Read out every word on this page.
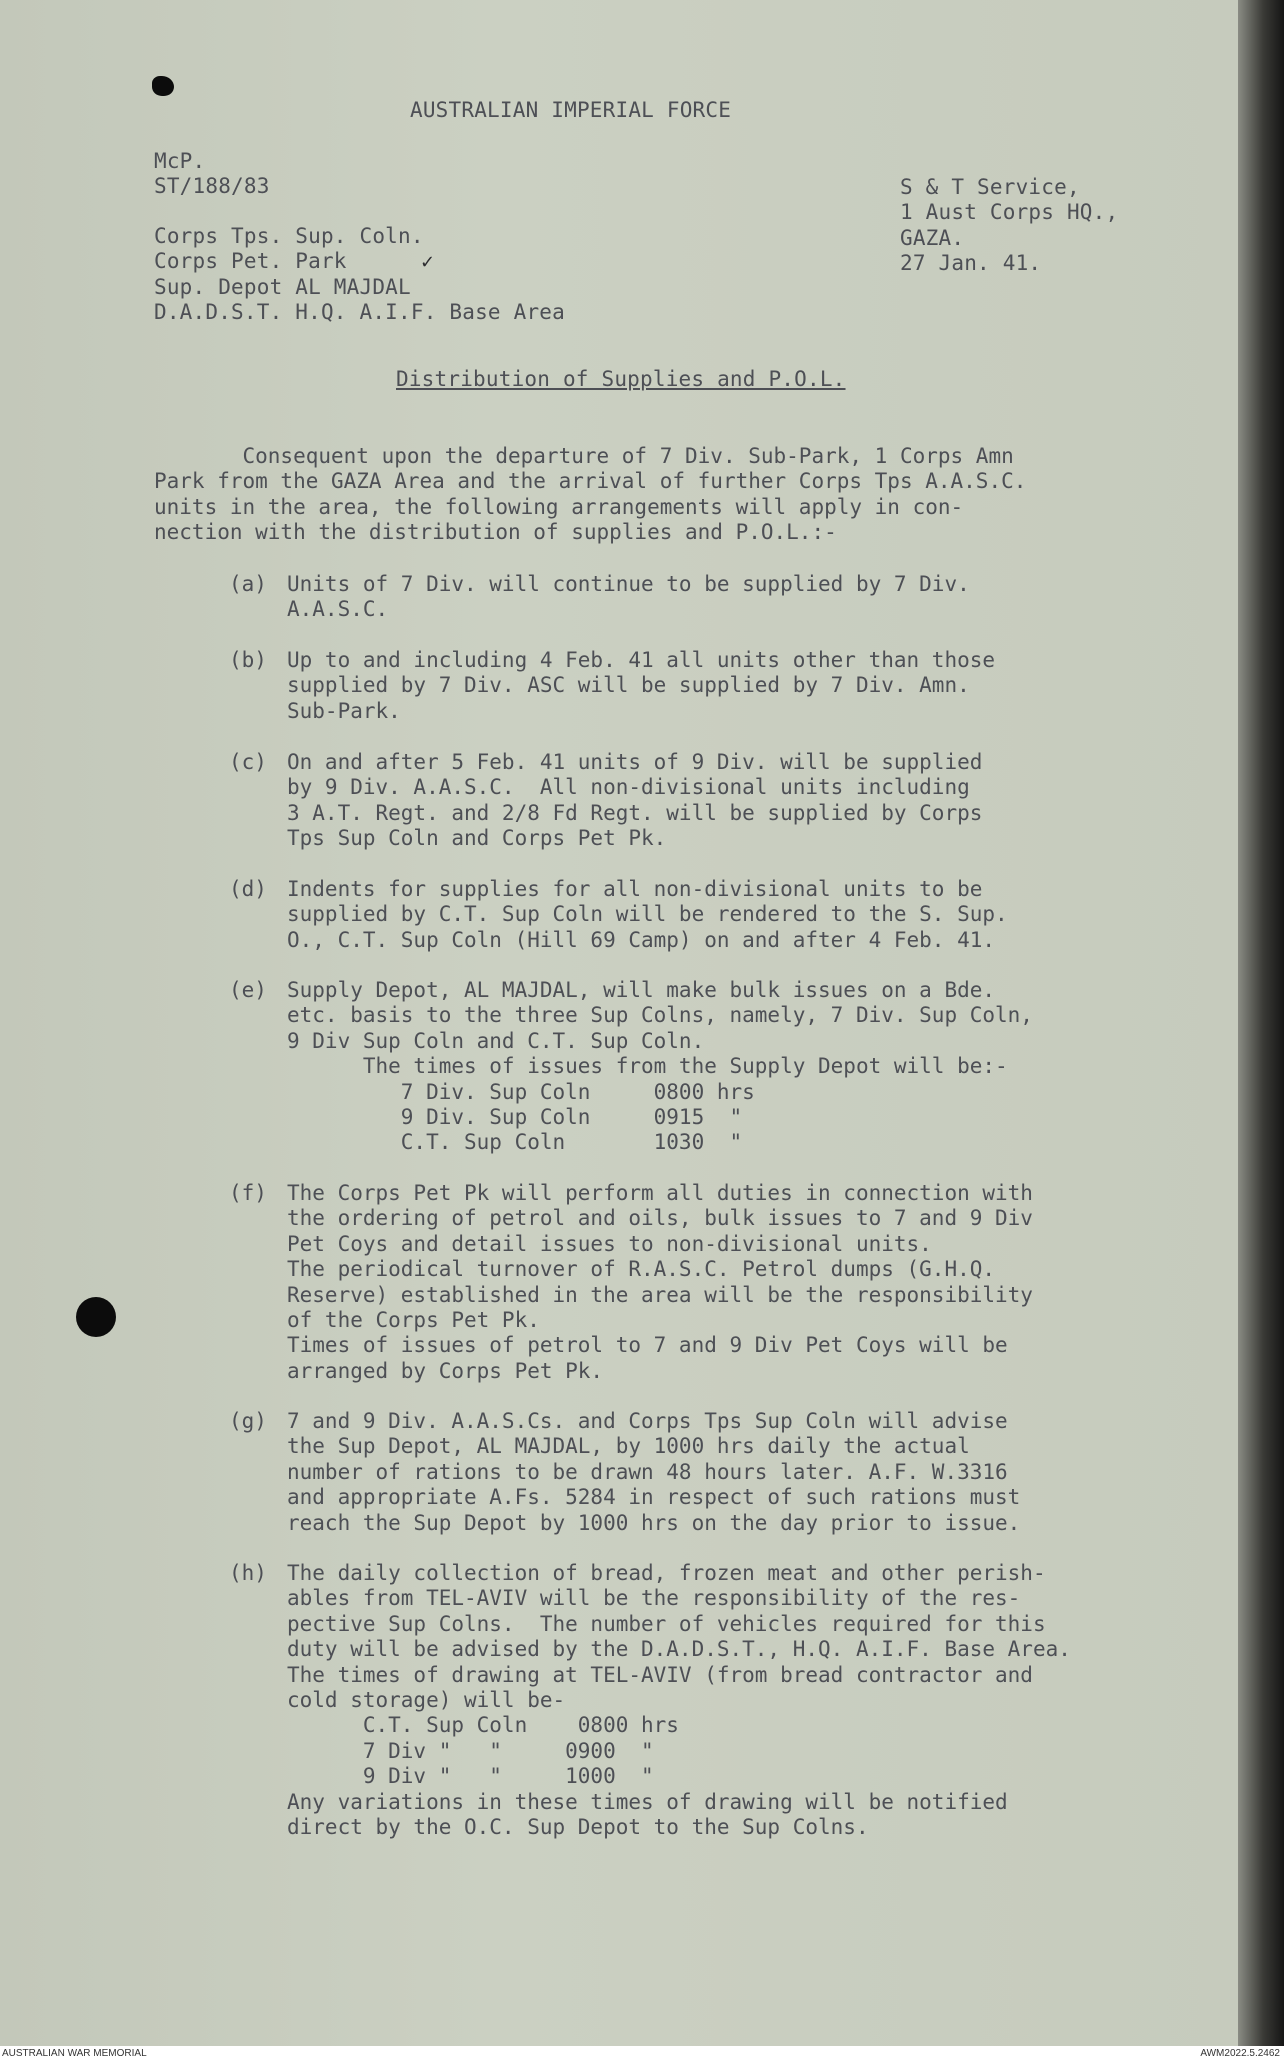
AUSTRALIAN IMPERIAL FORCE
McP.
ST/188/83
Corps Tps. Sup. Coln.
Corps Pet. Park
Sup. Depot AL MAJDAL
D.A.D.S.T. H.Q. A.I.F. Base Area
✓
S & T Service,
1 Aust Corps HQ.,
GAZA.
27 Jan. 41.
Distribution of Supplies and P.O.L.
Consequent upon the departure of 7 Div. Sub-Park, 1 Corps Amn
Park from the GAZA Area and the arrival of further Corps Tps A.A.S.C.
units in the area, the following arrangements will apply in con-
nection with the distribution of supplies and P.O.L.:-
(a) Units of 7 Div. will continue to be supplied by 7 Div.
A.A.S.C.
(b) Up to and including 4 Feb. 41 all units other than those
supplied by 7 Div. ASC will be supplied by 7 Div. Amn.
Sub-Park.
(c) On and after 5 Feb. 41 units of 9 Div. will be supplied
by 9 Div. A.A.S.C.  All non-divisional units including
3 A.T. Regt. and 2/8 Fd Regt. will be supplied by Corps
Tps Sup Coln and Corps Pet Pk.
(d) Indents for supplies for all non-divisional units to be
supplied by C.T. Sup Coln will be rendered to the S. Sup.
O., C.T. Sup Coln (Hill 69 Camp) on and after 4 Feb. 41.
(e) Supply Depot, AL MAJDAL, will make bulk issues on a Bde.
etc. basis to the three Sup Colns, namely, 7 Div. Sup Coln,
9 Div Sup Coln and C.T. Sup Coln.
The times of issues from the Supply Depot will be:-
7 Div. Sup Coln     0800 hrs
9 Div. Sup Coln     0915  "
C.T. Sup Coln       1030  "
(f) The Corps Pet Pk will perform all duties in connection with
the ordering of petrol and oils, bulk issues to 7 and 9 Div
Pet Coys and detail issues to non-divisional units.
The periodical turnover of R.A.S.C. Petrol dumps (G.H.Q.
Reserve) established in the area will be the responsibility
of the Corps Pet Pk.
Times of issues of petrol to 7 and 9 Div Pet Coys will be
arranged by Corps Pet Pk.
(g) 7 and 9 Div. A.A.S.Cs. and Corps Tps Sup Coln will advise
the Sup Depot, AL MAJDAL, by 1000 hrs daily the actual
number of rations to be drawn 48 hours later. A.F. W.3316
and appropriate A.Fs. 5284 in respect of such rations must
reach the Sup Depot by 1000 hrs on the day prior to issue.
(h) The daily collection of bread, frozen meat and other perish-
ables from TEL-AVIV will be the responsibility of the res-
pective Sup Colns.  The number of vehicles required for this
duty will be advised by the D.A.D.S.T., H.Q. A.I.F. Base Area.
The times of drawing at TEL-AVIV (from bread contractor and
cold storage) will be-
C.T. Sup Coln    0800 hrs
7 Div "   "     0900  "
9 Div "   "     1000  "
Any variations in these times of drawing will be notified
direct by the O.C. Sup Depot to the Sup Colns.
AUSTRALIAN WAR MEMORIAL	AWM2022.5.2462
